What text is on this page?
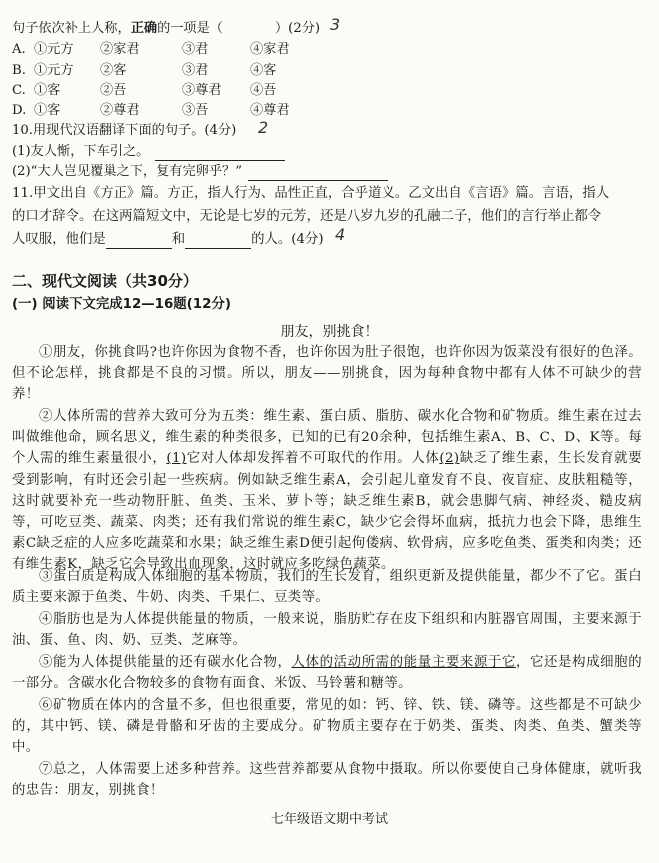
句子依次补上人称，正确的一项是（	）(2分) 3
A. ①元方 ②家君	③君	④家君
B. ①元方 ②客	③君	④客
C. ①客	②吾	③尊君 ④吾
D. ①客	②尊君	③吾	④尊君
10.用现代汉语翻译下面的句子。(4分) 2
(1)友人惭，下车引之。
(2)“大人岂见覆巢之下，复有完卵乎？”
11.甲文出自《方正》篇。方正，指人行为、品性正直，合乎道义。乙文出自《言语》篇。言语，指人
的口才辞令。在这两篇短文中，无论是七岁的元芳，还是八岁九岁的孔融二子，他们的言行举止都令
人叹服，他们是	和	的人。(4分) 4
二、现代文阅读（共30分）
(一) 阅读下文完成12—16题(12分)
朋友，别挑食！
①朋友，你挑食吗?也许你因为食物不香，也许你因为肚子很饱，也许你因为饭菜没有很好的色泽。但不论怎样，挑食都是不良的习惯。所以，朋友——别挑食，因为每种食物中都有人体不可缺少的营养！
②人体所需的营养大致可分为五类：维生素、蛋白质、脂肪、碳水化合物和矿物质。维生素在过去叫做维他命，顾名思义，维生素的种类很多，已知的已有20余种，包括维生素A、B、C、D、K等。每个人需的维生素量很小，(1)它对人体却发挥着不可取代的作用。人体(2)缺乏了维生素，生长发育就要受到影响，有时还会引起一些疾病。例如缺乏维生素A，会引起儿童发育不良、夜盲症、皮肤粗糙等，这时就要补充一些动物肝脏、鱼类、玉米、萝卜等；缺乏维生素B，就会患脚气病、神经炎、糙皮病等，可吃豆类、蔬菜、肉类；还有我们常说的维生素C，缺少它会得坏血病，抵抗力也会下降，患维生素C缺乏症的人应多吃蔬菜和水果；缺乏维生素D便引起佝偻病、软骨病，应多吃鱼类、蛋类和肉类；还有维生素K，缺乏它会导致出血现象，这时就应多吃绿色蔬菜。
③蛋白质是构成人体细胞的基本物质，我们的生长发育，组织更新及提供能量，都少不了它。蛋白质主要来源于鱼类、牛奶、肉类、千果仁、豆类等。
④脂肪也是为人体提供能量的物质，一般来说，脂肪贮存在皮下组织和内脏器官周围，主要来源于油、蛋、鱼、肉、奶、豆类、芝麻等。
⑤能为人体提供能量的还有碳水化合物，人体的活动所需的能量主要来源于它，它还是构成细胞的一部分。含碳水化合物较多的食物有面食、米饭、马铃薯和糖等。
⑥矿物质在体内的含量不多，但也很重要，常见的如：钙、锌、铁、镁、磷等。这些都是不可缺少的，其中钙、镁、磷是骨骼和牙齿的主要成分。矿物质主要存在于奶类、蛋类、肉类、鱼类、蟹类等中。
⑦总之，人体需要上述多种营养。这些营养都要从食物中摄取。所以你要使自己身体健康，就听我的忠告：朋友，别挑食！
七年级语文期中考试
